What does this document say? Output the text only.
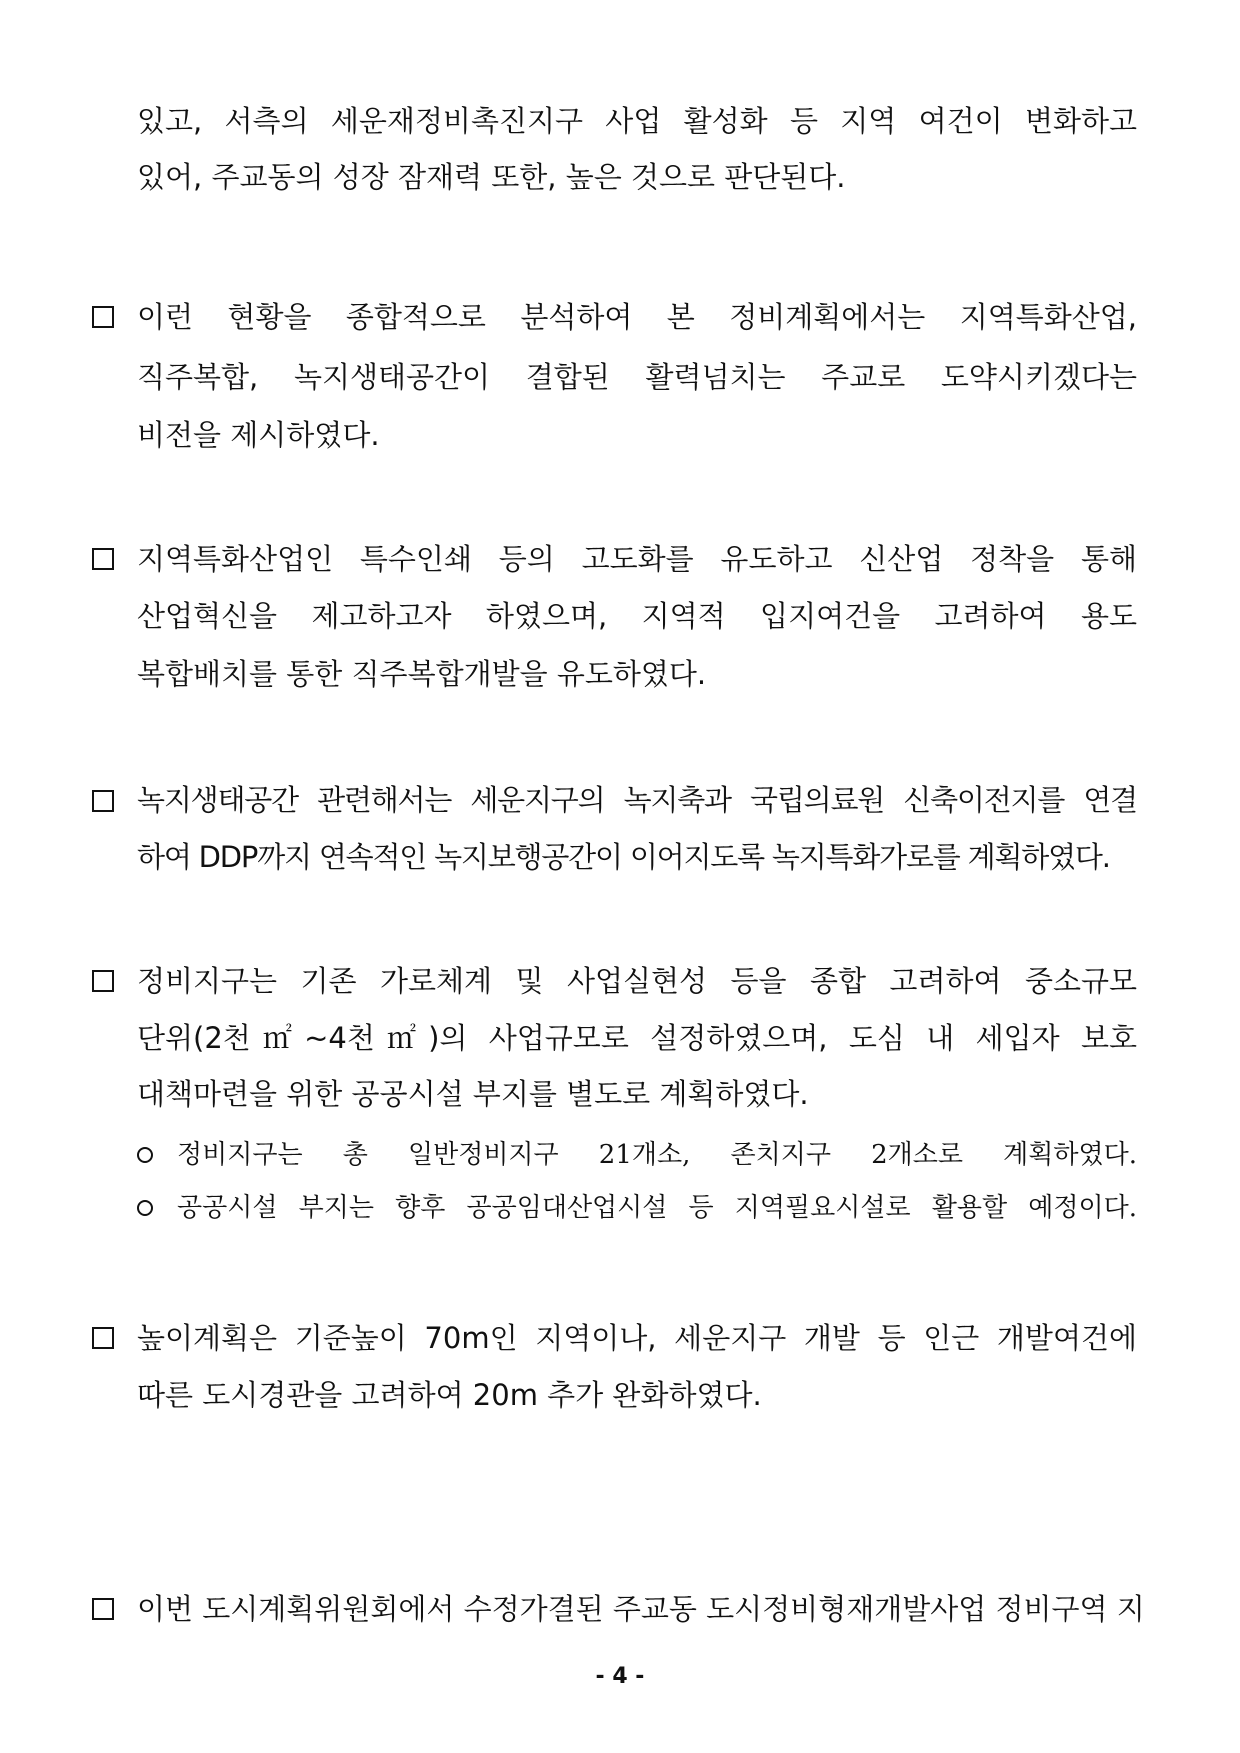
있고, 서측의 세운재정비촉진지구 사업 활성화 등 지역 여건이 변화하고
있어, 주교동의 성장 잠재력 또한, 높은 것으로 판단된다.
이런 현황을 종합적으로 분석하여 본 정비계획에서는 지역특화산업,
직주복합, 녹지생태공간이 결합된 활력넘치는 주교로 도약시키겠다는
비전을 제시하였다.
지역특화산업인 특수인쇄 등의 고도화를 유도하고 신산업 정착을 통해
산업혁신을 제고하고자 하였으며, 지역적 입지여건을 고려하여 용도
복합배치를 통한 직주복합개발을 유도하였다.
녹지생태공간 관련해서는 세운지구의 녹지축과 국립의료원 신축이전지를 연결
하여 DDP까지 연속적인 녹지보행공간이 이어지도록 녹지특화가로를 계획하였다.
정비지구는 기존 가로체계 및 사업실현성 등을 종합 고려하여 중소규모
단위(2천㎡~4천㎡)의 사업규모로 설정하였으며, 도심 내 세입자 보호
대책마련을 위한 공공시설 부지를 별도로 계획하였다.
정비지구는 총 일반정비지구 21개소, 존치지구 2개소로 계획하였다.
공공시설 부지는 향후 공공임대산업시설 등 지역필요시설로 활용할 예정이다.
높이계획은 기준높이 70m인 지역이나, 세운지구 개발 등 인근 개발여건에
따른 도시경관을 고려하여 20m 추가 완화하였다.
이번 도시계획위원회에서 수정가결된 주교동 도시정비형재개발사업 정비구역 지
- 4 -
